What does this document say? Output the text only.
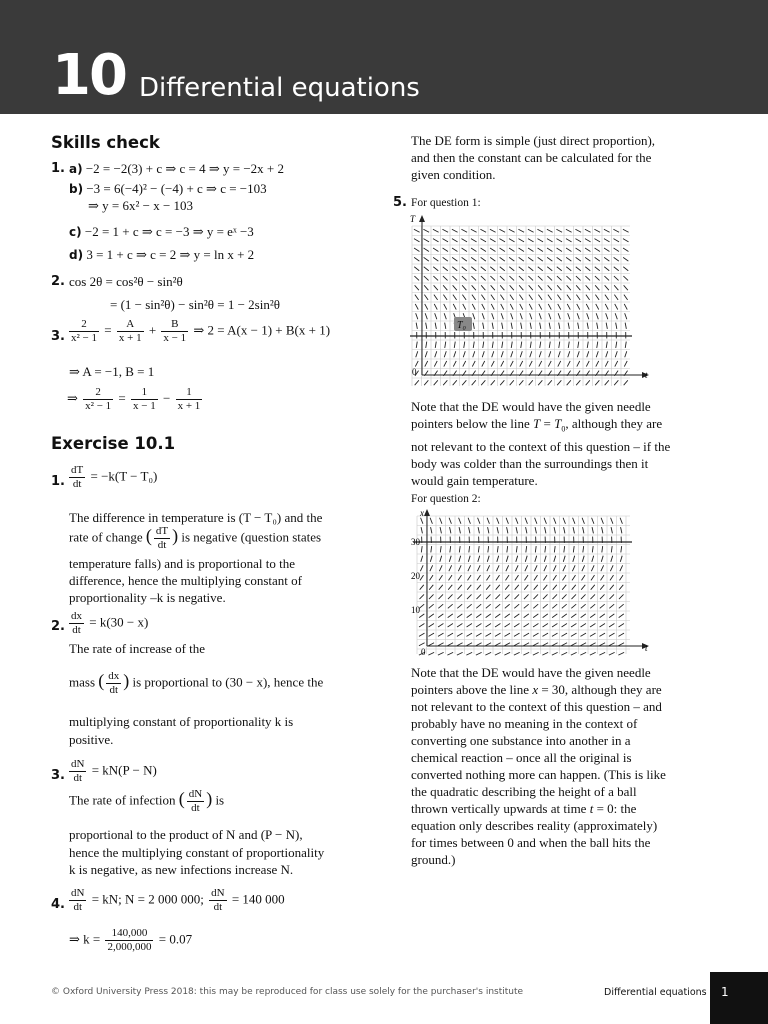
10 Differential equations
Skills check
1. a) −2 = −2(3) + c ⇒ c = 4 ⇒ y = −2x + 2
b) −3 = 6(−4)² − (−4) + c ⇒ c = −103
⇒ y = 6x² − x − 103
c) −2 = 1 + c ⇒ c = −3 ⇒ y = eˣ −3
d) 3 = 1 + c ⇒ c = 2 ⇒ y = ln x + 2
2. cos 2θ = cos²θ − sin²θ
= (1 − sin²θ) − sin²θ = 1 − 2sin²θ
3. $\frac{2}{\text{x² − 1}} = \frac{A}{x + 1} + \frac{B}{x - 1}$ ⇒ 2 = A(x − 1) + B(x + 1)
⇒ A = −1, B = 1
⇒ $\frac{2}{\text{x² − 1}} = \frac{1}{x - 1} - \frac{1}{x + 1}$
Exercise 10.1
1. $\frac{dT}{dt} = -k(T - T_0)$
The difference in temperature is (T − T₀) and the
rate of change ( $\frac{dT}{dt}$ ) is negative (question states
temperature falls) and is proportional to the
difference, hence the multiplying constant of
proportionality –k is negative.
2. $\frac{dx}{dt} = k(30 - x)$
The rate of increase of the
mass ( $\frac{dx}{dt}$ ) is proportional to (30 − x), hence the
multiplying constant of proportionality k is
positive.
3. $\frac{dN}{dt} = kN(P - N)$
The rate of infection ( $\frac{dN}{dt}$ ) is
proportional to the product of N and (P − N),
hence the multiplying constant of proportionality
k is negative, as new infections increase N.
4. $\frac{dN}{dt}$ = kN; N = 2 000 000; $\frac{dN}{dt} = 140$ 000
⇒ $k = \frac{140,000}{2,000,000} = 0.07$
The DE form is simple (just direct proportion),
and then the constant can be calculated for the
given condition.
5. For question 1:
T₀
T
t
0
Note that the DE would have the given needle
pointers below the line $T = T_0$, although they are
not relevant to the context of this question – if the
body was colder than the surroundings then it
would gain temperature.
For question 2:
x
t
0
30
20
10
Note that the DE would have the given needle
pointers above the line x = 30, although they are
not relevant to the context of this question – and
probably have no meaning in the context of
converting one substance into another in a
chemical reaction – once all the original is
converted nothing more can happen. (This is like
the quadratic describing the height of a ball
thrown vertically upwards at time t = 0: the
equation only describes reality (approximately)
for times between 0 and when the ball hits the
ground.)
© Oxford University Press 2018: this may be reproduced for class use solely for the purchaser's institute	Differential equations 1
